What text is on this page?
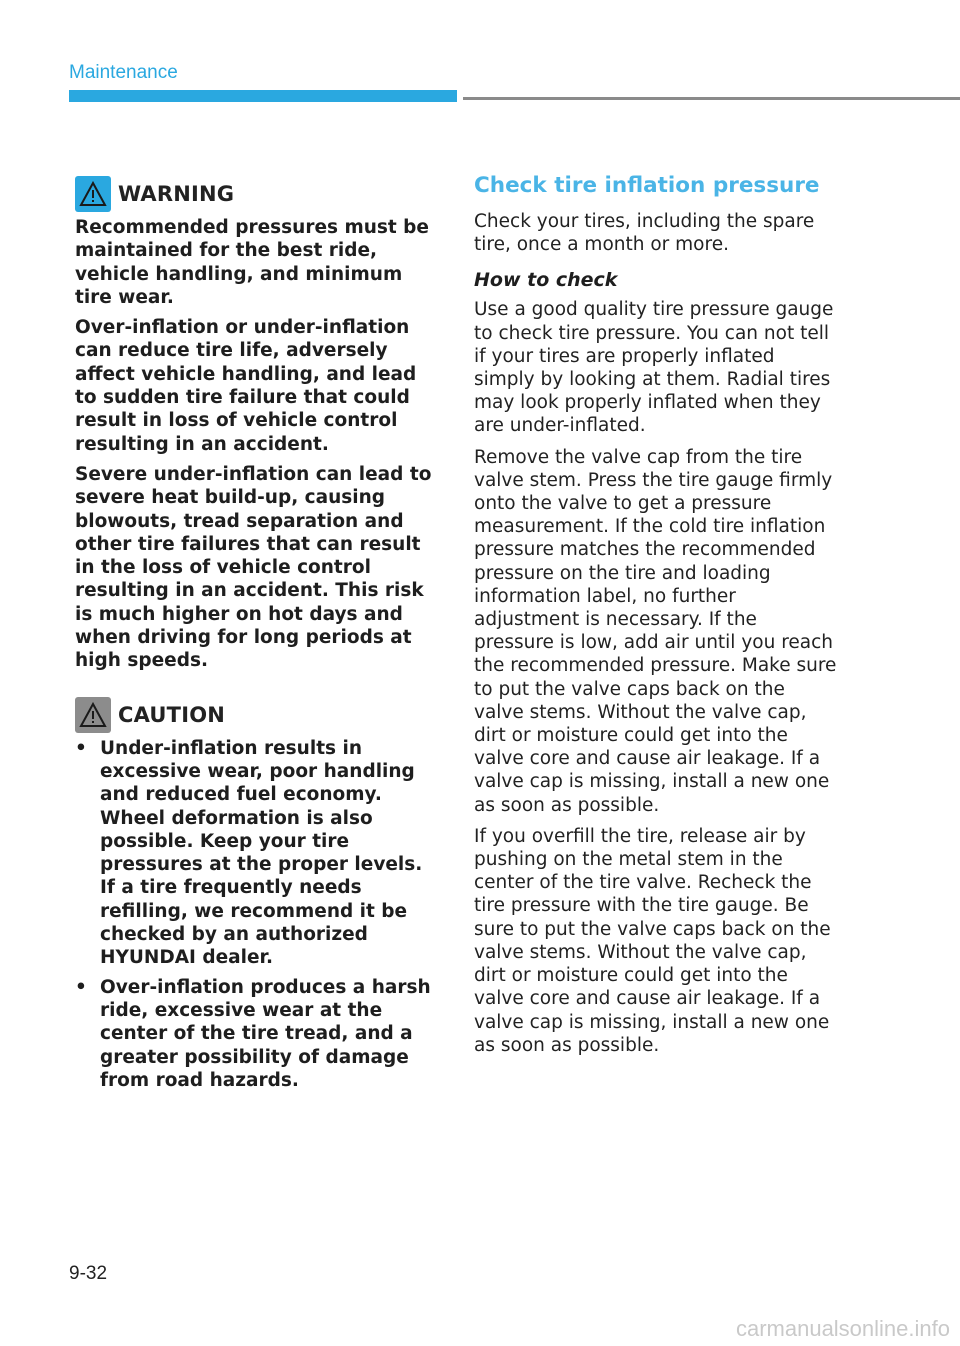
Maintenance
WARNING

Recommended pressures must be maintained for the best ride, vehicle handling, and minimum tire wear.

Over-inflation or under-inflation can reduce tire life, adversely affect vehicle handling, and lead to sudden tire failure that could result in loss of vehicle control resulting in an accident.

Severe under-inflation can lead to severe heat build-up, causing blowouts, tread separation and other tire failures that can result in the loss of vehicle control resulting in an accident. This risk is much higher on hot days and when driving for long periods at high speeds.

CAUTION
• Under-inflation results in excessive wear, poor handling and reduced fuel economy. Wheel deformation is also possible. Keep your tire pressures at the proper levels. If a tire frequently needs refilling, we recommend it be checked by an authorized HYUNDAI dealer.
• Over-inflation produces a harsh ride, excessive wear at the center of the tire tread, and a greater possibility of damage from road hazards.
Check tire inflation pressure

Check your tires, including the spare tire, once a month or more.

How to check

Use a good quality tire pressure gauge to check tire pressure. You can not tell if your tires are properly inflated simply by looking at them. Radial tires may look properly inflated when they are under-inflated.

Remove the valve cap from the tire valve stem. Press the tire gauge firmly onto the valve to get a pressure measurement. If the cold tire inflation pressure matches the recommended pressure on the tire and loading information label, no further adjustment is necessary. If the pressure is low, add air until you reach the recommended pressure. Make sure to put the valve caps back on the valve stems. Without the valve cap, dirt or moisture could get into the valve core and cause air leakage. If a valve cap is missing, install a new one as soon as possible.

If you overfill the tire, release air by pushing on the metal stem in the center of the tire valve. Recheck the tire pressure with the tire gauge. Be sure to put the valve caps back on the valve stems. Without the valve cap, dirt or moisture could get into the valve core and cause air leakage. If a valve cap is missing, install a new one as soon as possible.

9-32
carmanualsonline.info
